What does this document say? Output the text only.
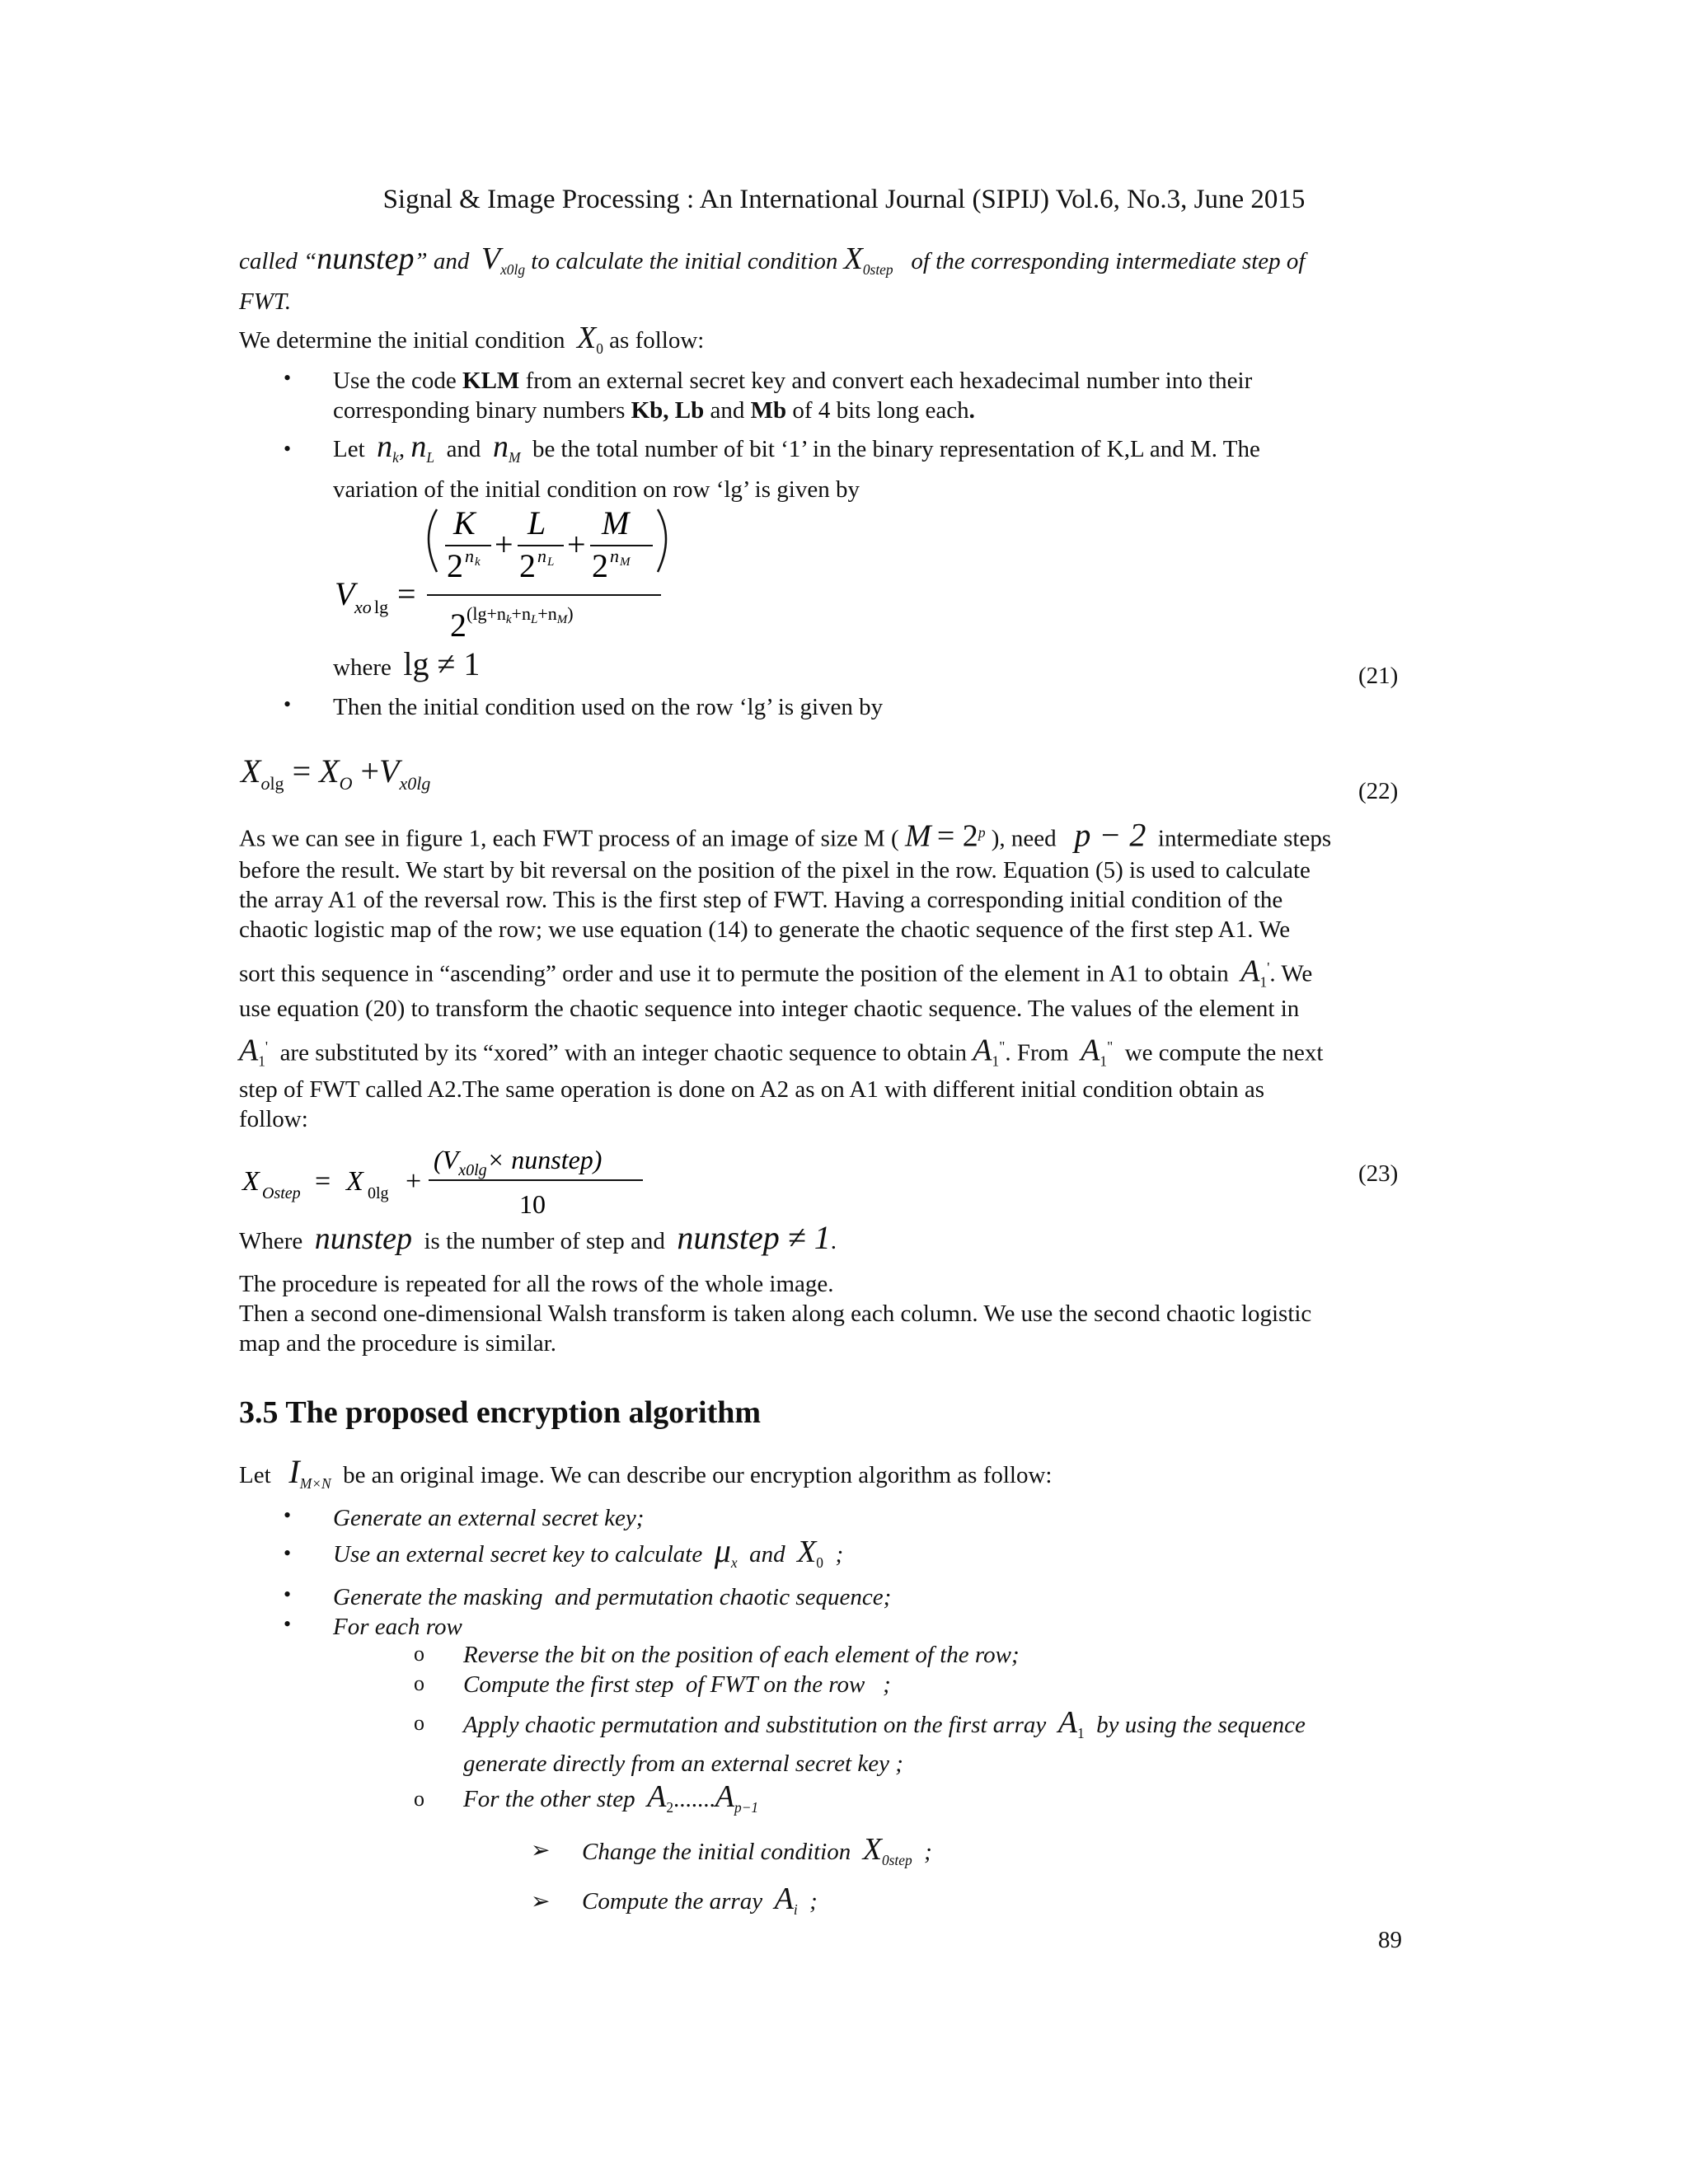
Signal & Image Processing : An International Journal (SIPIJ) Vol.6, No.3, June 2015
called “nunstep” and $V_{x0lg}$ to calculate the initial condition $X_{0step}$ of the corresponding intermediate step of
FWT.
We determine the initial condition $X_0$ as follow:
• Use the code KLM from an external secret key and convert each hexadecimal number into their
corresponding binary numbers Kb, Lb and Mb of 4 bits long each.
• Let $n_k$, $n_L$ and $n_M$ be the total number of bit ‘1’ in the binary representation of K,L and M. The
variation of the initial condition on row ‘lg’ is given by
K L M
+ +
2 n k 2 n L 2 n M
V xo lg =
2 (lg+nk+nL+nM)
where lg ≠ 1	(21)
• Then the initial condition used on the row ‘lg’ is given by
$X_{olg} = X_O +V_{x0lg}$	(22)
As we can see in figure 1, each FWT process of an image of size M ( $M = 2^p$ ), need p − 2 intermediate steps
before the result. We start by bit reversal on the position of the pixel in the row. Equation (5) is used to calculate
the array A1 of the reversal row. This is the first step of FWT. Having a corresponding initial condition of the
chaotic logistic map of the row; we use equation (14) to generate the chaotic sequence of the first step A1. We
sort this sequence in “ascending” order and use it to permute the position of the element in A1 to obtain $A_1'$. We
use equation (20) to transform the chaotic sequence into integer chaotic sequence. The values of the element in
$A_1'$ are substituted by its “xored” with an integer chaotic sequence to obtain $A_1^"$. From $A_1^"$ we compute the next
step of FWT called A2.The same operation is done on A2 as on A1 with different initial condition obtain as
follow:
X Ostep = X 0lg +
($V_{x0lg}\times$ nunstep)
10
(23)
Where nunstep is the number of step and nunstep ≠ 1.
The procedure is repeated for all the rows of the whole image.
Then a second one-dimensional Walsh transform is taken along each column. We use the second chaotic logistic
map and the procedure is similar.
3.5 The proposed encryption algorithm
Let $I_{M\times N}$ be an original image. We can describe our encryption algorithm as follow:
• Generate an external secret key;
• Use an external secret key to calculate $\mu_x$ and $X_0$ ;
• Generate the masking  and permutation chaotic sequence;
• For each row
o Reverse the bit on the position of each element of the row;
o Compute the first step  of FWT on the row   ;
o Apply chaotic permutation and substitution on the first array $A_1$ by using the sequence
generate directly from an external secret key ;
o For the other step $A_2.......A_{p-1}$
➢ Change the initial condition $X_{0step}$ ;
➢ Compute the array $A_i$ ;
89
